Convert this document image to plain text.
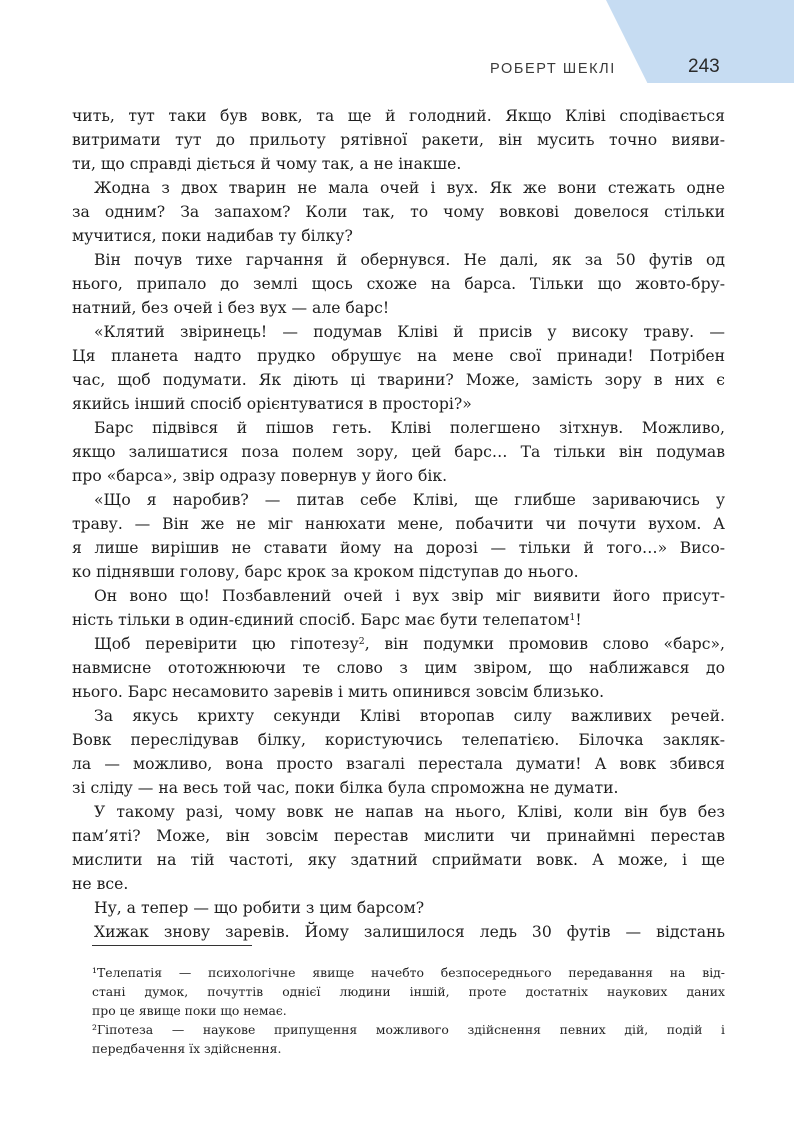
РОБЕРТ ШЕКЛІ	243
чить, тут таки був вовк, та ще й голодний. Якщо Кліві сподівається
витримати тут до прильоту рятівної ракети, він мусить точно вияви-
ти, що справді діється й чому так, а не інакше.
Жодна з двох тварин не мала очей і вух. Як же вони стежать одне
за одним? За запахом? Коли так, то чому вовкові довелося стільки
мучитися, поки надибав ту білку?
Він почув тихе гарчання й обернувся. Не далі, як за 50 футів од
нього, припало до землі щось схоже на барса. Тільки що жовто-бру-
натний, без очей і без вух — але барс!
«Клятий звіринець! — подумав Кліві й присів у високу траву. —
Ця планета надто прудко обрушує на мене свої принади! Потрібен
час, щоб подумати. Як діють ці тварини? Може, замість зору в них є
якийсь інший спосіб орієнтуватися в просторі?»
Барс підвівся й пішов геть. Кліві полегшено зітхнув. Можливо,
якщо залишатися поза полем зору, цей барс… Та тільки він подумав
про «барса», звір одразу повернув у його бік.
«Що я наробив? — питав себе Кліві, ще глибше зариваючись у
траву. — Він же не міг нанюхати мене, побачити чи почути вухом. А
я лише вирішив не ставати йому на дорозі — тільки й того…» Висо-
ко піднявши голову, барс крок за кроком підступав до нього.
Он воно що! Позбавлений очей і вух звір міг виявити його присут-
ність тільки в один-єдиний спосіб. Барс має бути телепатом$^1$!
Щоб перевірити цю гіпотезу$^2$, він подумки промовив слово «барс»,
навмисне ототожнюючи те слово з цим звіром, що наближався до
нього. Барс несамовито заревів і мить опинився зовсім близько.
За якусь крихту секунди Кліві второпав силу важливих речей.
Вовк переслідував білку, користуючись телепатією. Білочка закляк-
ла — можливо, вона просто взагалі перестала думати! А вовк збився
зі сліду — на весь той час, поки білка була спроможна не думати.
У такому разі, чому вовк не напав на нього, Кліві, коли він був без
пам’яті? Може, він зовсім перестав мислити чи принаймні перестав
мислити на тій частоті, яку здатний сприймати вовк. А може, і ще
не все.
Ну, а тепер — що робити з цим барсом?
Хижак знову заревів. Йому залишилося ледь 30 футів — відстань
¹Телепатія — психологічне явище начебто безпосереднього передавання на від-
стані думок, почуттів однієї людини іншій, проте достатніх наукових даних
про це явище поки що немає.
²Гіпотеза — наукове припущення можливого здійснення певних дій, подій і
передбачення їх здійснення.
